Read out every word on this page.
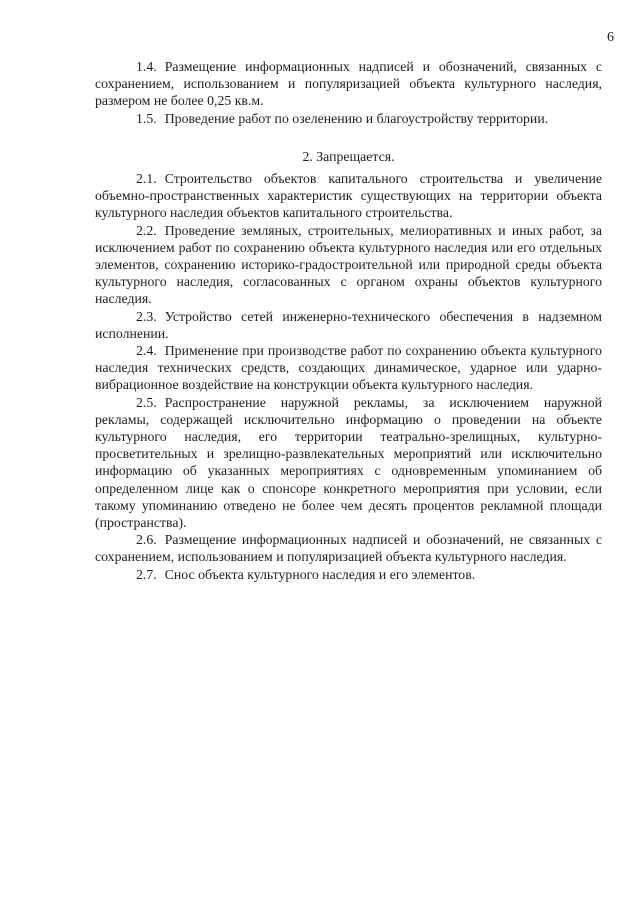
6

1.4. Размещение информационных надписей и обозначений, связанных с сохранением, использованием и популяризацией объекта культурного наследия, размером не более 0,25 кв.м.

1.5. Проведение работ по озеленению и благоустройству территории.

2. Запрещается.

2.1. Строительство объектов капитального строительства и увеличение объемно-пространственных характеристик существующих на территории объекта культурного наследия объектов капитального строительства.

2.2. Проведение земляных, строительных, мелиоративных и иных работ, за исключением работ по сохранению объекта культурного наследия или его отдельных элементов, сохранению историко-градостроительной или природной среды объекта культурного наследия, согласованных с органом охраны объектов культурного наследия.

2.3. Устройство сетей инженерно-технического обеспечения в надземном исполнении.

2.4. Применение при производстве работ по сохранению объекта культурного наследия технических средств, создающих динамическое, ударное или ударно-вибрационное воздействие на конструкции объекта культурного наследия.

2.5. Распространение наружной рекламы, за исключением наружной рекламы, содержащей исключительно информацию о проведении на объекте культурного наследия, его территории театрально-зрелищных, культурно-просветительных и зрелищно-развлекательных мероприятий или исключительно информацию об указанных мероприятиях с одновременным упоминанием об определенном лице как о спонсоре конкретного мероприятия при условии, если такому упоминанию отведено не более чем десять процентов рекламной площади (пространства).

2.6. Размещение информационных надписей и обозначений, не связанных с сохранением, использованием и популяризацией объекта культурного наследия.

2.7. Снос объекта культурного наследия и его элементов.
